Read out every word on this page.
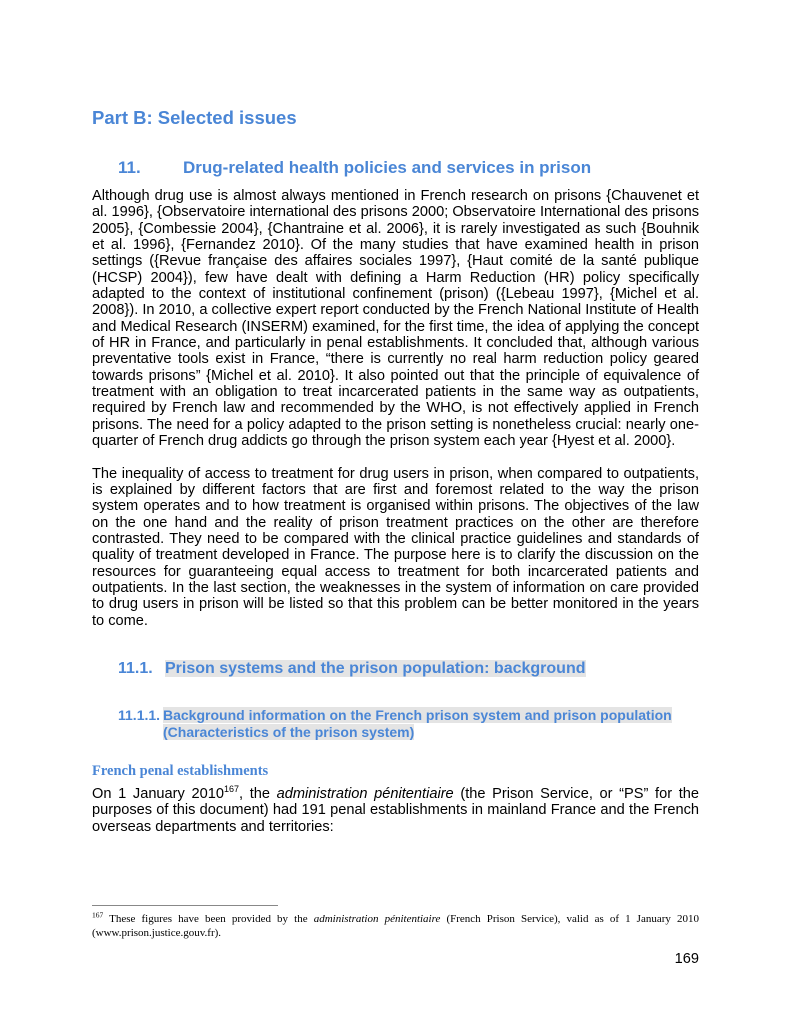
Part B: Selected issues
11.	Drug-related health policies and services in prison

Although drug use is almost always mentioned in French research on prisons {Chauvenet et al. 1996}, {Observatoire international des prisons 2000; Observatoire International des prisons 2005}, {Combessie 2004}, {Chantraine et al. 2006}, it is rarely investigated as such {Bouhnik et al. 1996}, {Fernandez 2010}. Of the many studies that have examined health in prison settings ({Revue française des affaires sociales 1997}, {Haut comité de la santé publique (HCSP) 2004}), few have dealt with defining a Harm Reduction (HR) policy specifically adapted to the context of institutional confinement (prison) ({Lebeau 1997}, {Michel et al. 2008}). In 2010, a collective expert report conducted by the French National Institute of Health and Medical Research (INSERM) examined, for the first time, the idea of applying the concept of HR in France, and particularly in penal establishments. It concluded that, although various preventative tools exist in France, “there is currently no real harm reduction policy geared towards prisons” {Michel et al. 2010}. It also pointed out that the principle of equivalence of treatment with an obligation to treat incarcerated patients in the same way as outpatients, required by French law and recommended by the WHO, is not effectively applied in French prisons. The need for a policy adapted to the prison setting is nonetheless crucial: nearly one-quarter of French drug addicts go through the prison system each year {Hyest et al. 2000}.

The inequality of access to treatment for drug users in prison, when compared to outpatients, is explained by different factors that are first and foremost related to the way the prison system operates and to how treatment is organised within prisons. The objectives of the law on the one hand and the reality of prison treatment practices on the other are therefore contrasted. They need to be compared with the clinical practice guidelines and standards of quality of treatment developed in France. The purpose here is to clarify the discussion on the resources for guaranteeing equal access to treatment for both incarcerated patients and outpatients. In the last section, the weaknesses in the system of information on care provided to drug users in prison will be listed so that this problem can be better monitored in the years to come.

11.1. Prison systems and the prison population: background
11.1.1. Background information on the French prison system and prison population
(Characteristics of the prison system)
French penal establishments

On 1 January 2010$^{167}$, the administration pénitentiaire (the Prison Service, or “PS” for the purposes of this document) had 191 penal establishments in mainland France and the French overseas departments and territories:

$^{167}$ These figures have been provided by the administration pénitentiaire (French Prison Service), valid as of 1 January 2010 (www.prison.justice.gouv.fr).
169
